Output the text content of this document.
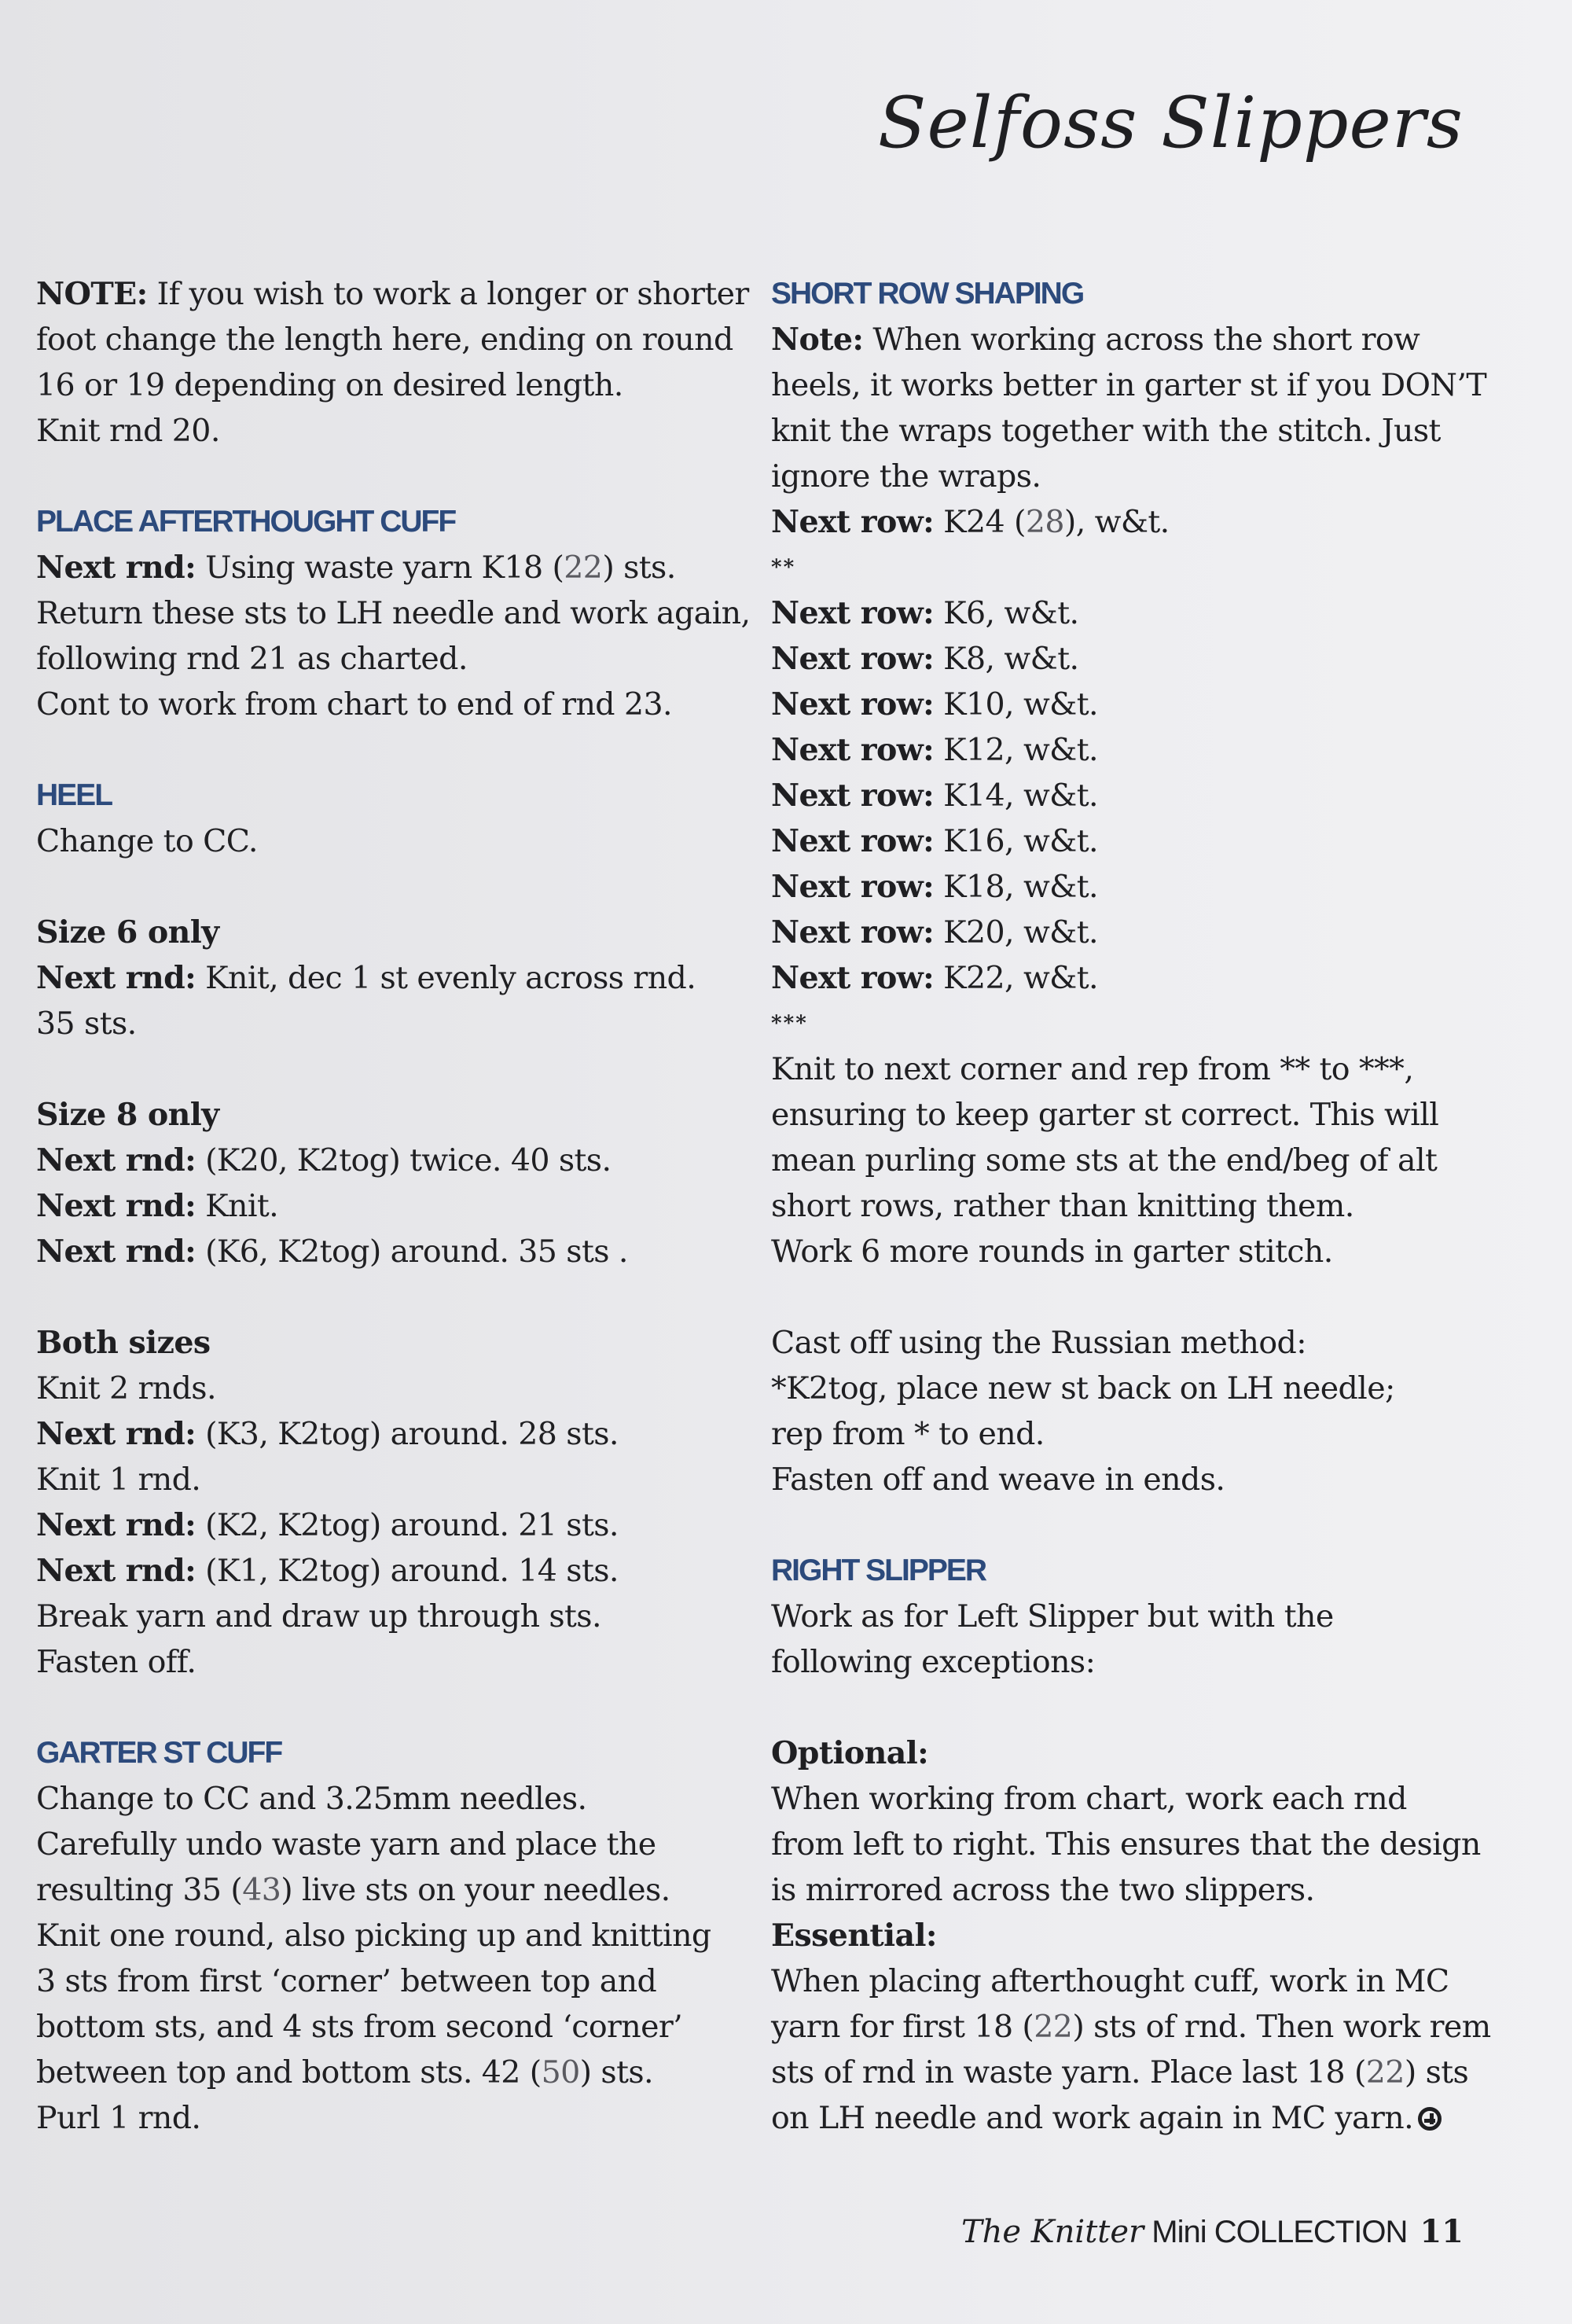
Selfoss Slippers
NOTE: If you wish to work a longer or shorter
foot change the length here, ending on round
16 or 19 depending on desired length.
Knit rnd 20.
PLACE AFTERTHOUGHT CUFF
Next rnd: Using waste yarn K18 (22) sts.
Return these sts to LH needle and work again,
following rnd 21 as charted.
Cont to work from chart to end of rnd 23.
HEEL
Change to CC.
Size 6 only
Next rnd: Knit, dec 1 st evenly across rnd.
35 sts.
Size 8 only
Next rnd: (K20, K2tog) twice. 40 sts.
Next rnd: Knit.
Next rnd: (K6, K2tog) around. 35 sts .
Both sizes
Knit 2 rnds.
Next rnd: (K3, K2tog) around. 28 sts.
Knit 1 rnd.
Next rnd: (K2, K2tog) around. 21 sts.
Next rnd: (K1, K2tog) around. 14 sts.
Break yarn and draw up through sts.
Fasten off.
GARTER ST CUFF
Change to CC and 3.25mm needles.
Carefully undo waste yarn and place the
resulting 35 (43) live sts on your needles.
Knit one round, also picking up and knitting
3 sts from first ‘corner’ between top and
bottom sts, and 4 sts from second ‘corner’
between top and bottom sts. 42 (50) sts.
Purl 1 rnd.
SHORT ROW SHAPING
Note: When working across the short row
heels, it works better in garter st if you DON’T
knit the wraps together with the stitch. Just
ignore the wraps.
Next row: K24 (28), w&t.
**
Next row: K6, w&t.
Next row: K8, w&t.
Next row: K10, w&t.
Next row: K12, w&t.
Next row: K14, w&t.
Next row: K16, w&t.
Next row: K18, w&t.
Next row: K20, w&t.
Next row: K22, w&t.
***
Knit to next corner and rep from ** to ***,
ensuring to keep garter st correct. This will
mean purling some sts at the end/beg of alt
short rows, rather than knitting them.
Work 6 more rounds in garter stitch.
Cast off using the Russian method:
*K2tog, place new st back on LH needle;
rep from * to end.
Fasten off and weave in ends.
RIGHT SLIPPER
Work as for Left Slipper but with the
following exceptions:
Optional:
When working from chart, work each rnd
from left to right. This ensures that the design
is mirrored across the two slippers.
Essential:
When placing afterthought cuff, work in MC
yarn for first 18 (22) sts of rnd. Then work rem
sts of rnd in waste yarn. Place last 18 (22) sts
on LH needle and work again in MC yarn.
The Knitter Mini COLLECTION 11
